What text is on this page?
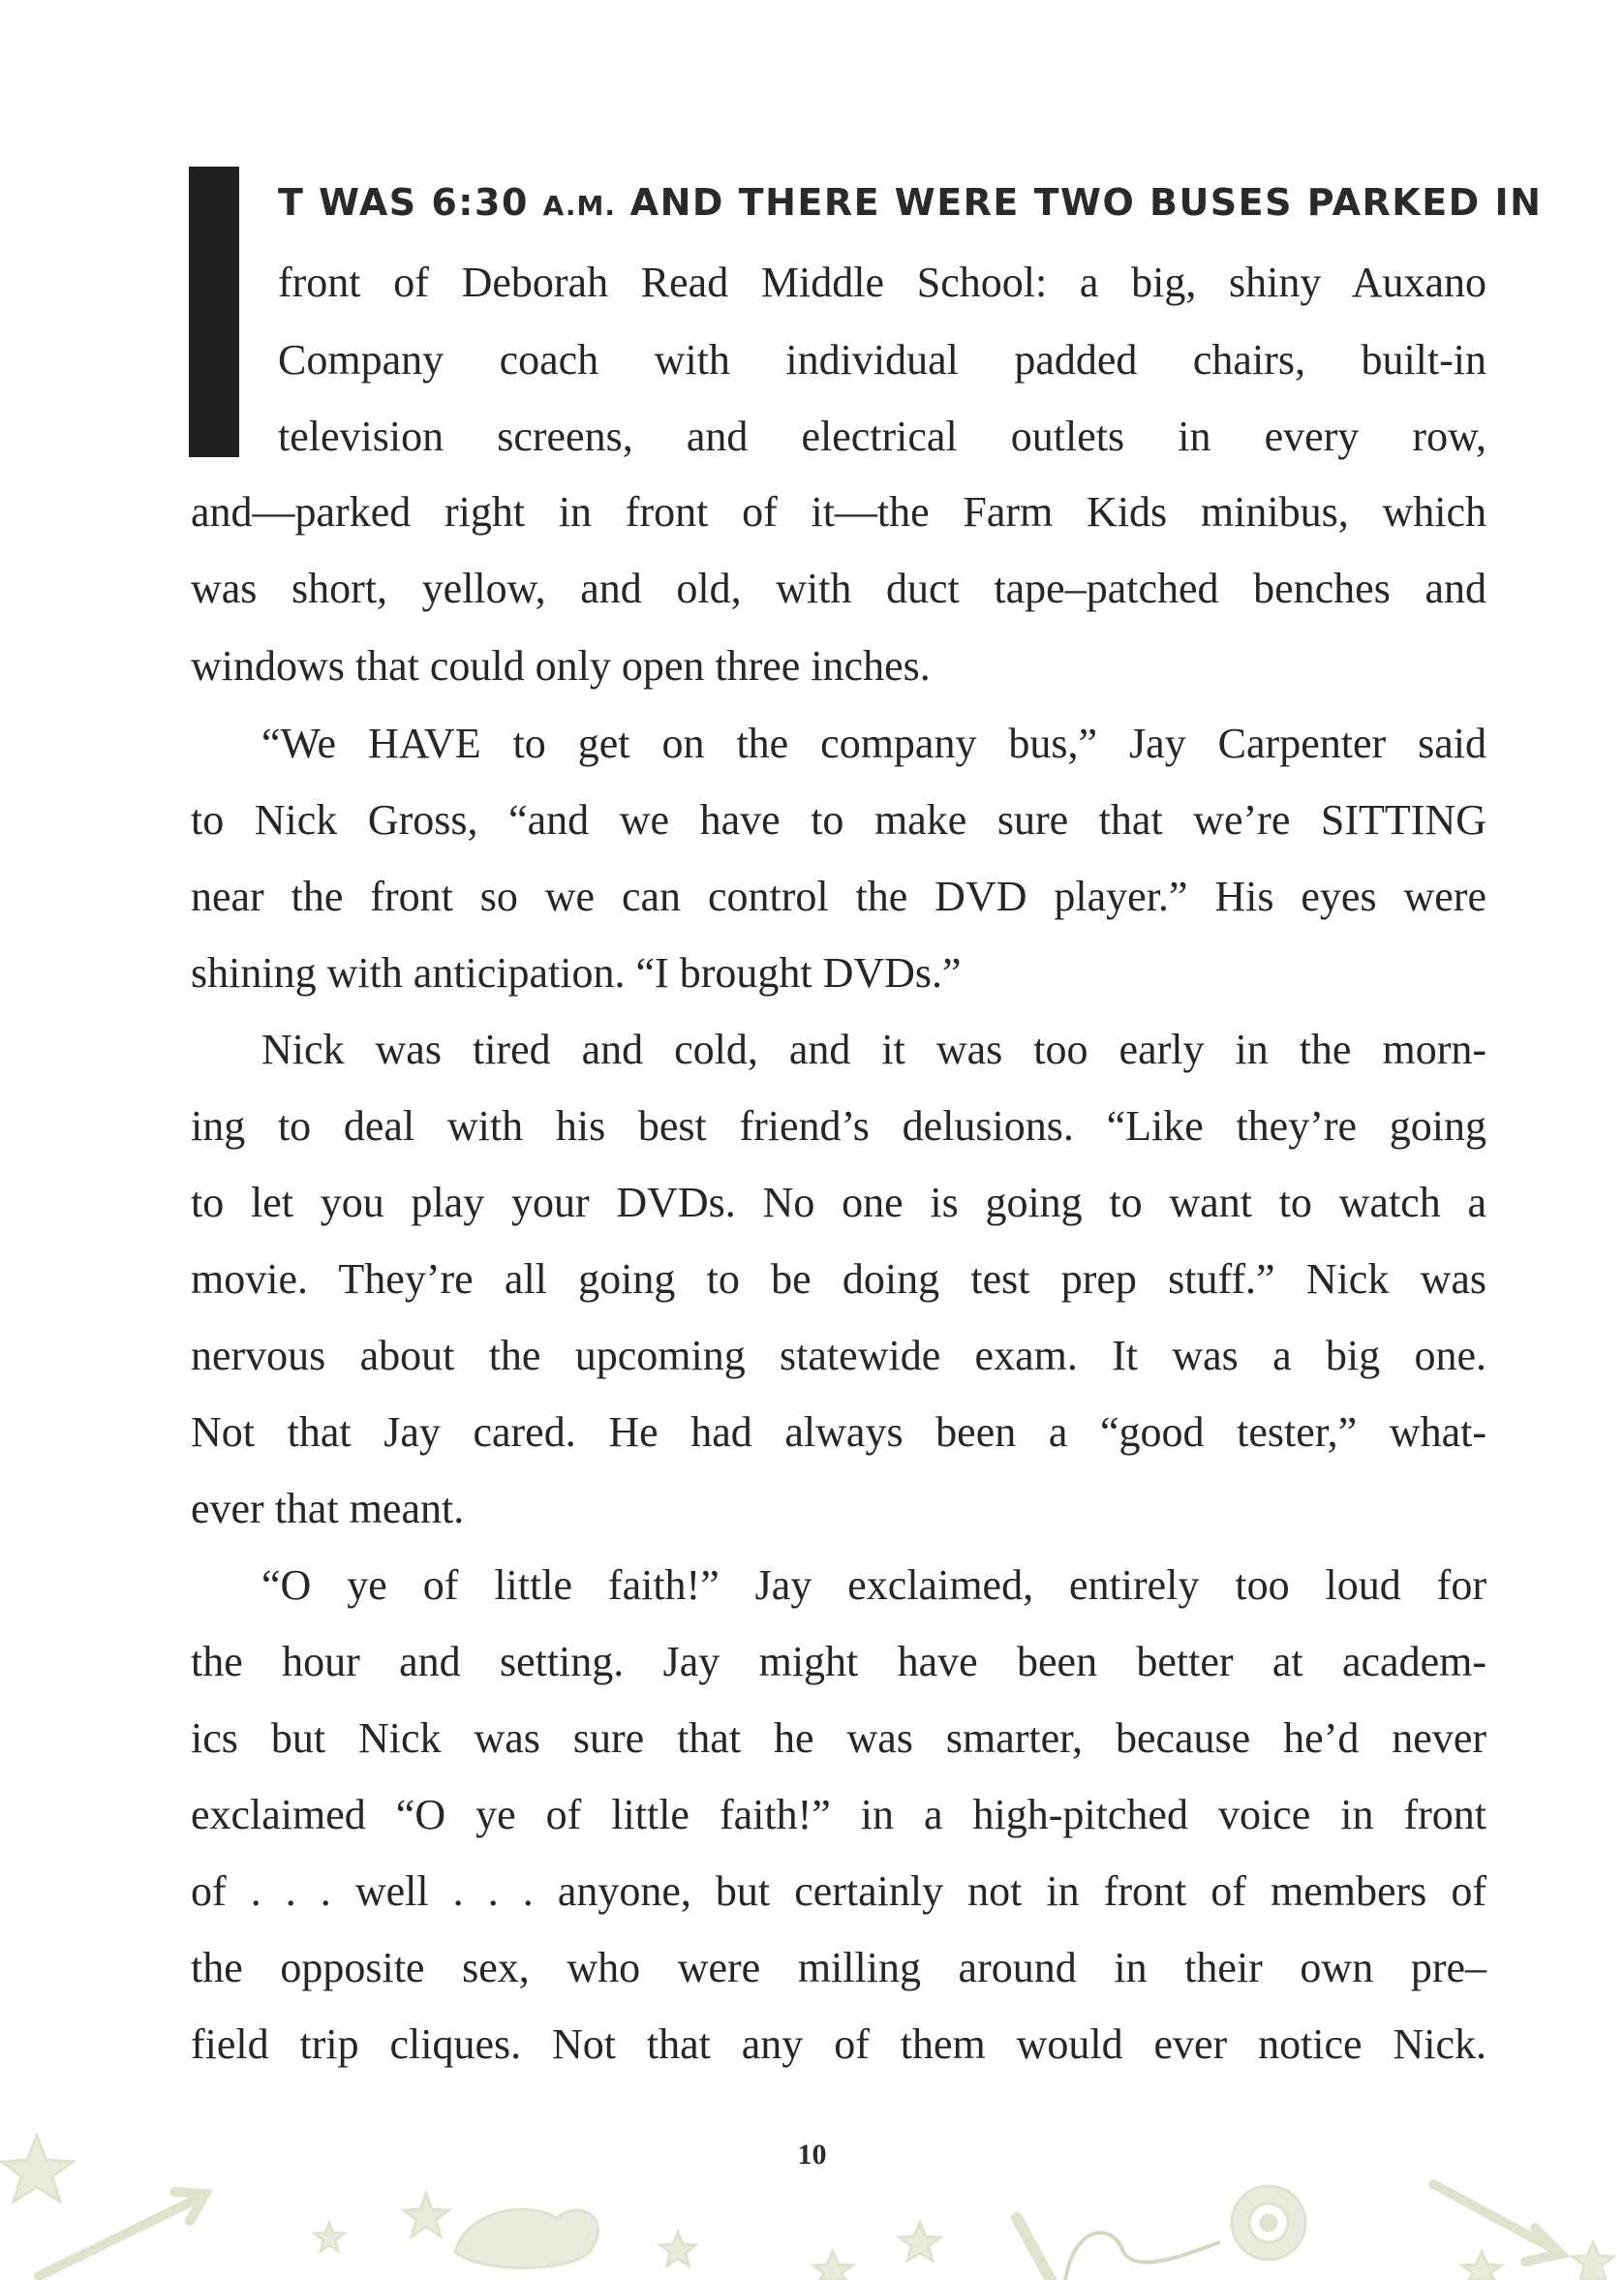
T WAS 6:30 A.M. AND THERE WERE TWO BUSES PARKED IN
front of Deborah Read Middle School: a big, shiny Auxano
Company coach with individual padded chairs, built-in
television screens, and electrical outlets in every row,
and—parked right in front of it—the Farm Kids minibus, which
was short, yellow, and old, with duct tape–patched benches and
windows that could only open three inches.
“We HAVE to get on the company bus,” Jay Carpenter said
to Nick Gross, “and we have to make sure that we’re SITTING
near the front so we can control the DVD player.” His eyes were
shining with anticipation. “I brought DVDs.”
Nick was tired and cold, and it was too early in the morn-
ing to deal with his best friend’s delusions. “Like they’re going
to let you play your DVDs. No one is going to want to watch a
movie. They’re all going to be doing test prep stuff.” Nick was
nervous about the upcoming statewide exam. It was a big one.
Not that Jay cared. He had always been a “good tester,” what-
ever that meant.
“O ye of little faith!” Jay exclaimed, entirely too loud for
the hour and setting. Jay might have been better at academ-
ics but Nick was sure that he was smarter, because he’d never
exclaimed “O ye of little faith!” in a high-pitched voice in front
of . . . well . . . anyone, but certainly not in front of members of
the opposite sex, who were milling around in their own pre–
field trip cliques. Not that any of them would ever notice Nick.
10
